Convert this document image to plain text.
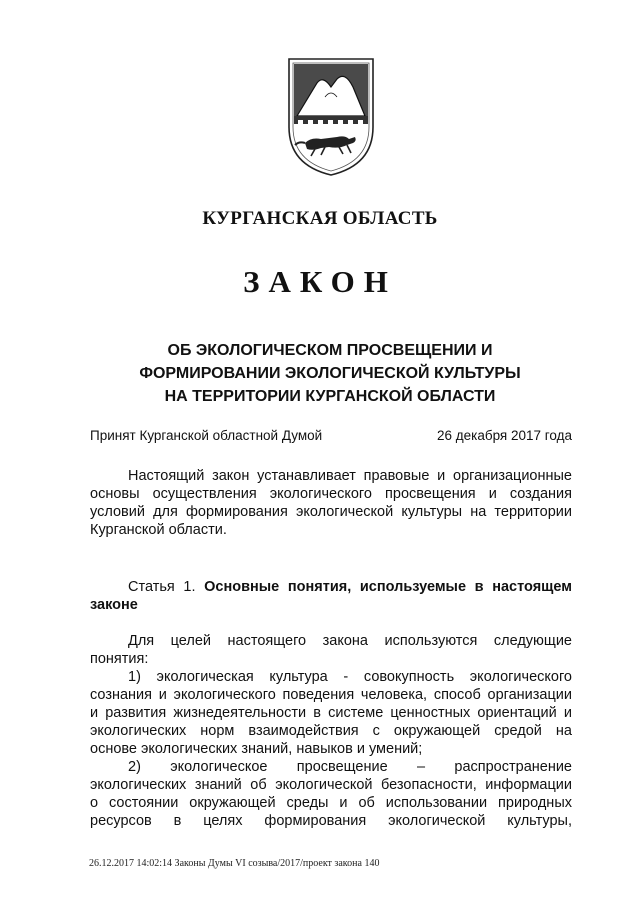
КУРГАНСКАЯ ОБЛАСТЬ
ЗАКОН
ОБ ЭКОЛОГИЧЕСКОМ ПРОСВЕЩЕНИИ И
ФОРМИРОВАНИИ ЭКОЛОГИЧЕСКОЙ КУЛЬТУРЫ
НА ТЕРРИТОРИИ КУРГАНСКОЙ ОБЛАСТИ
Принят Курганской областной Думой	26 декабря 2017 года
Настоящий закон устанавливает правовые и организационные
основы осуществления экологического просвещения и создания
условий для формирования экологической культуры на территории
Курганской области.
Статья 1. Основные понятия, используемые в настоящем
законе
Для целей настоящего закона используются следующие
понятия:
1) экологическая культура - совокупность экологического
сознания и экологического поведения человека, способ организации
и развития жизнедеятельности в системе ценностных ориентаций и
экологических норм взаимодействия с окружающей средой на
основе экологических знаний, навыков и умений;
2) экологическое просвещение – распространение
экологических знаний об экологической безопасности, информации
о состоянии окружающей среды и об использовании природных
ресурсов в целях формирования экологической культуры,
26.12.2017 14:02:14 Законы Думы VI созыва/2017/проект закона 140
